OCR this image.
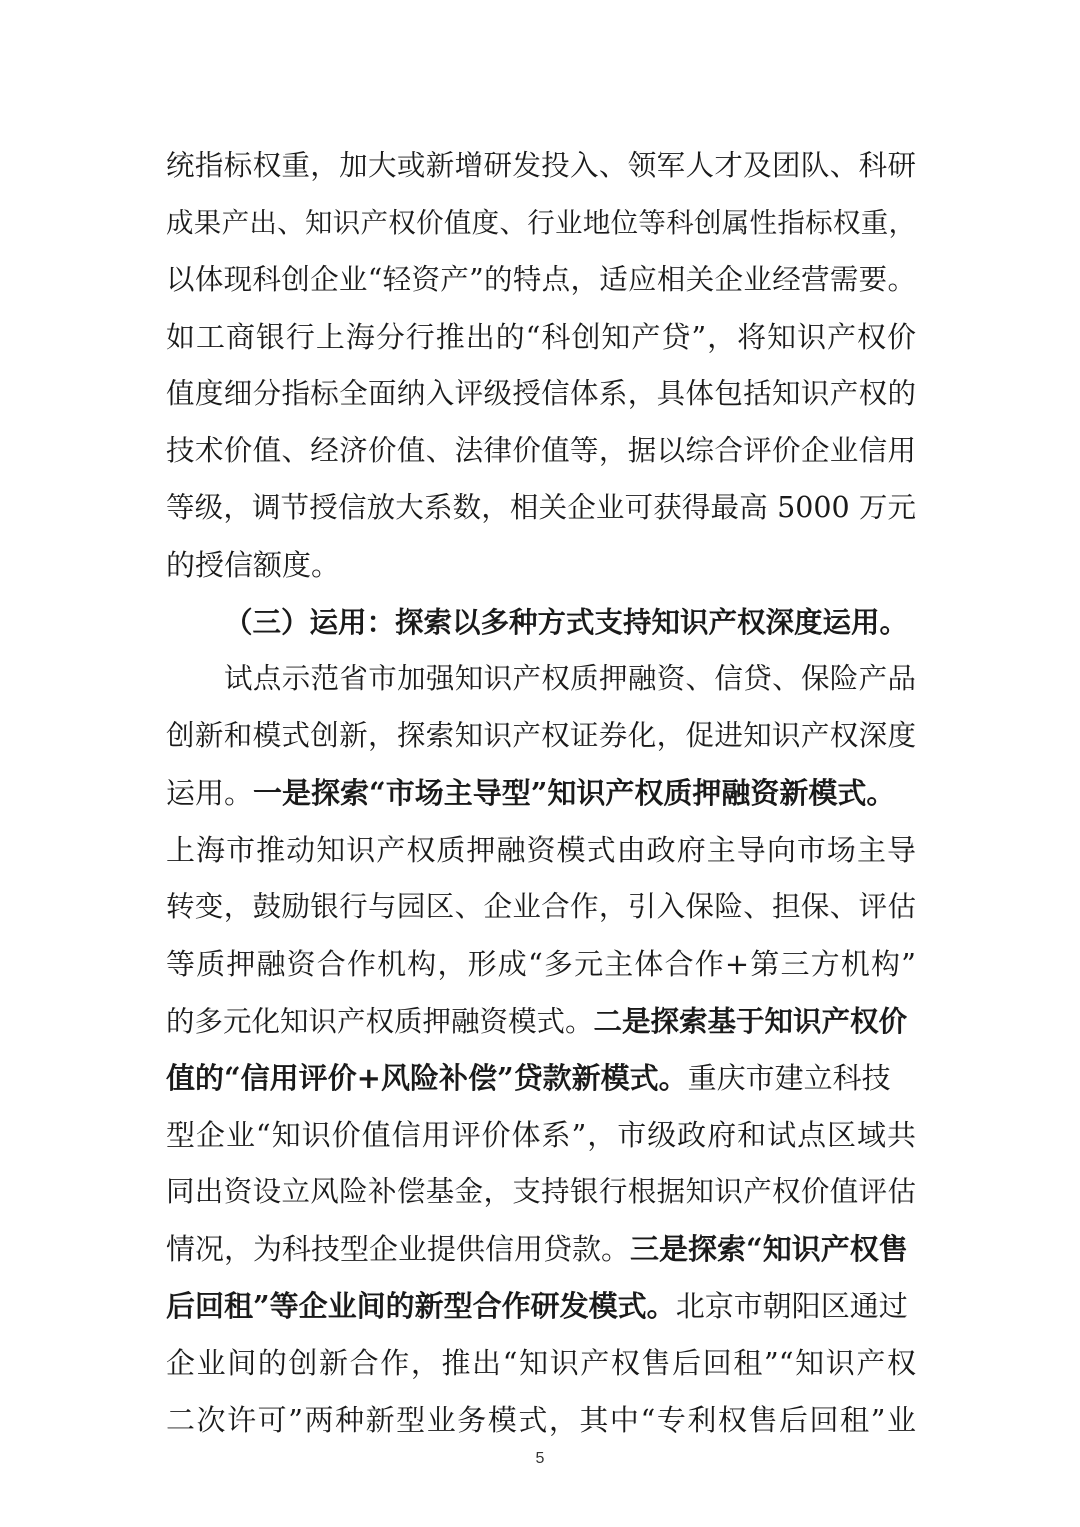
统指标权重，加大或新增研发投入、领军人才及团队、科研
成果产出、知识产权价值度、行业地位等科创属性指标权重，
以体现科创企业“轻资产”的特点，适应相关企业经营需要。
如工商银行上海分行推出的“科创知产贷”，将知识产权价
值度细分指标全面纳入评级授信体系，具体包括知识产权的
技术价值、经济价值、法律价值等，据以综合评价企业信用
等级，调节授信放大系数，相关企业可获得最高 5000 万元
的授信额度。
（三）运用：探索以多种方式支持知识产权深度运用。
试点示范省市加强知识产权质押融资、信贷、保险产品
创新和模式创新，探索知识产权证券化，促进知识产权深度
运用。一是探索“市场主导型”知识产权质押融资新模式。
上海市推动知识产权质押融资模式由政府主导向市场主导
转变，鼓励银行与园区、企业合作，引入保险、担保、评估
等质押融资合作机构，形成“多元主体合作+第三方机构”
的多元化知识产权质押融资模式。二是探索基于知识产权价
值的“信用评价+风险补偿”贷款新模式。重庆市建立科技
型企业“知识价值信用评价体系”，市级政府和试点区域共
同出资设立风险补偿基金，支持银行根据知识产权价值评估
情况，为科技型企业提供信用贷款。三是探索“知识产权售
后回租”等企业间的新型合作研发模式。北京市朝阳区通过
企业间的创新合作，推出“知识产权售后回租”“知识产权
二次许可”两种新型业务模式，其中“专利权售后回租”业
5
